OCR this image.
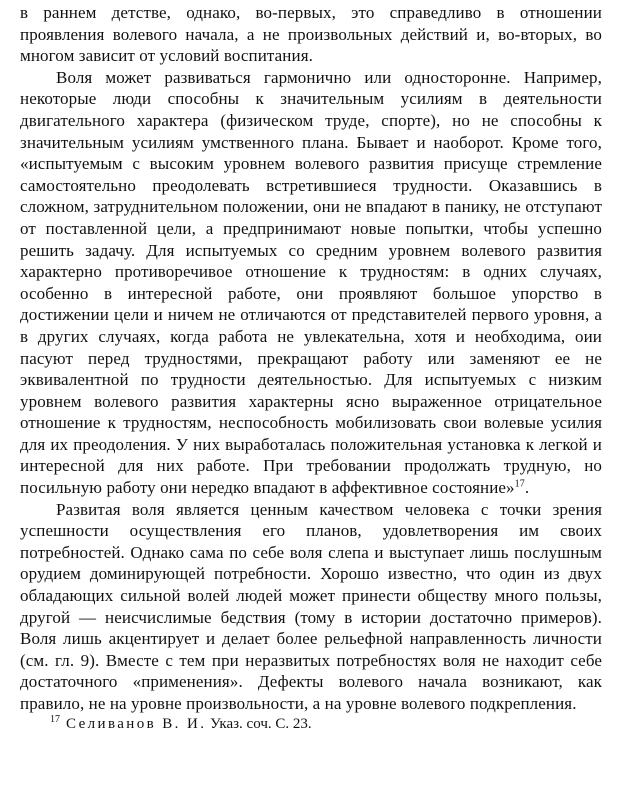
в раннем детстве, однако, во-первых, это справедливо в отношении проявления волевого начала, а не произвольных действий и, во-вторых, во многом зависит от условий воспитания.

Воля может развиваться гармонично или односторонне. Например, некоторые люди способны к значительным усилиям в деятельности двигательного характера (физическом труде, спорте), но не способны к значительным усилиям умственного плана. Бывает и наоборот. Кроме того, «испытуемым с высоким уровнем волевого развития присуще стремление самостоятельно преодолевать встретившиеся трудности. Оказавшись в сложном, затруднительном положении, они не впадают в панику, не отступают от поставленной цели, а предпринимают новые попытки, чтобы успешно решить задачу. Для испытуемых со средним уровнем волевого развития характерно противоречивое отношение к трудностям: в одних случаях, особенно в интересной работе, они проявляют большое упорство в достижении цели и ничем не отличаются от представителей первого уровня, а в других случаях, когда работа не увлекательна, хотя и необходима, оии пасуют перед трудностями, прекращают работу или заменяют ее не эквивалентной по трудности деятельностью. Для испытуемых с низким уровнем волевого развития характерны ясно выраженное отрицательное отношение к трудностям, неспособность мобилизовать свои волевые усилия для их преодоления. У них выработалась положительная установка к легкой и интересной для них работе. При требовании продолжать трудную, но посильную работу они нередко впадают в аффективное состояние»$^{17}$.

Развитая воля является ценным качеством человека с точки зрения успешности осуществления его планов, удовлетворения им своих потребностей. Однако сама по себе воля слепа и выступает лишь послушным орудием доминирующей потребности. Хорошо известно, что один из двух обладающих сильной волей людей может принести обществу много пользы, другой — неисчислимые бедствия (тому в истории достаточно примеров). Воля лишь акцентирует и делает более рельефной направленность личности (см. гл. 9). Вместе с тем при неразвитых потребностях воля не находит себе достаточного «применения». Дефекты волевого начала возникают, как правило, не на уровне произвольности, а на уровне волевого подкрепления.

$^{17}$ Селиванов В. И. Указ. соч. С. 23.
